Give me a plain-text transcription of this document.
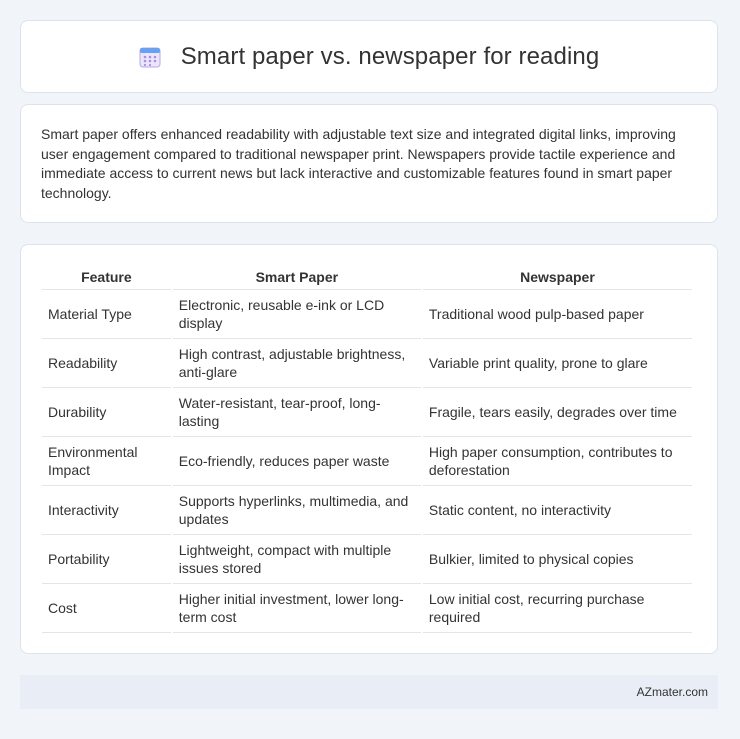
Smart paper vs. newspaper for reading

Smart paper offers enhanced readability with adjustable text size and integrated digital links, improving user engagement compared to traditional newspaper print. Newspapers provide tactile experience and immediate access to current news but lack interactive and customizable features found in smart paper technology.

Feature	Smart Paper	Newspaper
Material Type	Electronic, reusable e-ink or LCD display	Traditional wood pulp-based paper
Readability	High contrast, adjustable brightness, anti-glare	Variable print quality, prone to glare
Durability	Water-resistant, tear-proof, long-lasting	Fragile, tears easily, degrades over time
Environmental Impact	Eco-friendly, reduces paper waste	High paper consumption, contributes to deforestation
Interactivity	Supports hyperlinks, multimedia, and updates	Static content, no interactivity
Portability	Lightweight, compact with multiple issues stored	Bulkier, limited to physical copies
Cost	Higher initial investment, lower long-term cost	Low initial cost, recurring purchase required
AZmater.com
